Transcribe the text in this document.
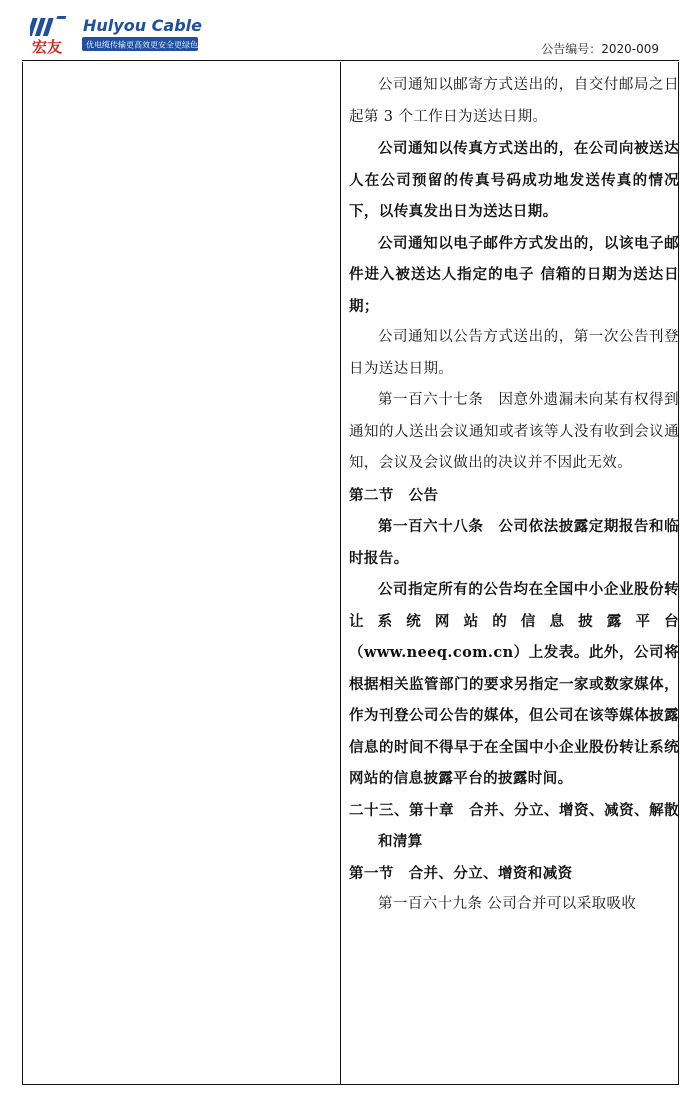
宏友
Hulyou Cable
优电缆传输更高效更安全更绿色	公告编号：2020-009

公司通知以邮寄方式送出的，自交付邮局之日起第 3 个工作日为送达日期。

公司通知以传真方式送出的，在公司向被送达人在公司预留的传真号码成功地发送传真的情况下，以传真发出日为送达日期。

公司通知以电子邮件方式发出的，以该电子邮件进入被送达人指定的电子 信箱的日期为送达日期；

公司通知以公告方式送出的，第一次公告刊登日为送达日期。

第一百六十七条　因意外遗漏未向某有权得到通知的人送出会议通知或者该等人没有收到会议通知，会议及会议做出的决议并不因此无效。

第二节　公告

第一百六十八条　公司依法披露定期报告和临时报告。

公司指定所有的公告均在全国中小企业股份转让系统网站的信息披露平台（www.neeq.com.cn）上发表。此外，公司将根据相关监管部门的要求另指定一家或数家媒体，作为刊登公司公告的媒体，但公司在该等媒体披露信息的时间不得早于在全国中小企业股份转让系统网站的信息披露平台的披露时间。

二十三、第十章　合并、分立、增资、减资、解散和清算

第一节　合并、分立、增资和减资

第一百六十九条 公司合并可以采取吸收
